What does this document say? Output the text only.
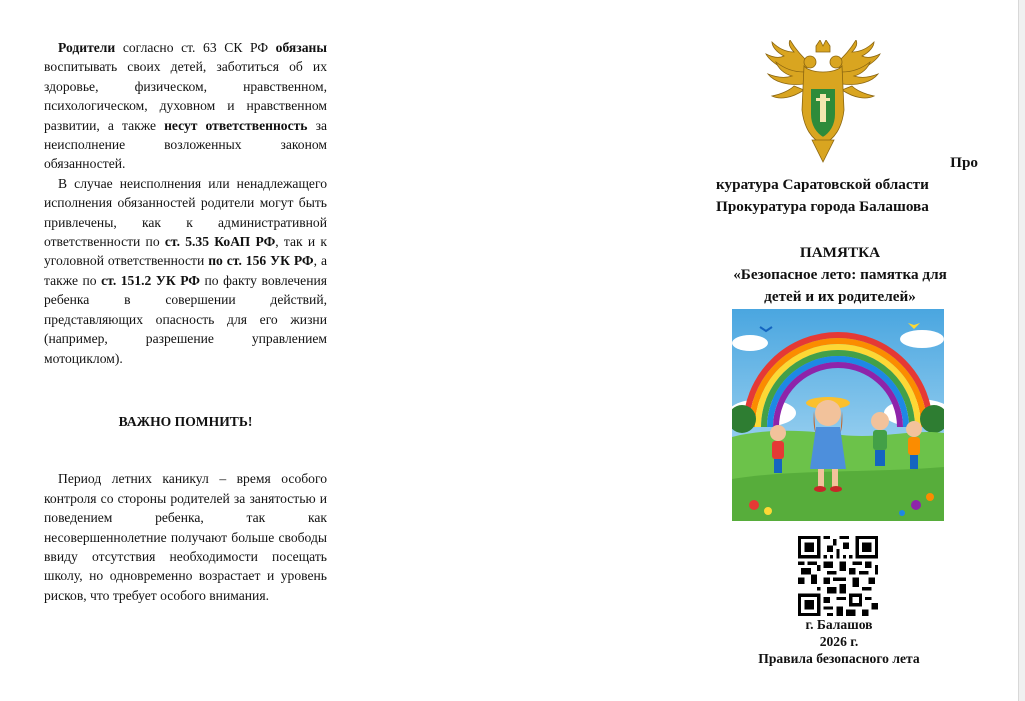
Родители согласно ст. 63 СК РФ обязаны воспитывать своих детей, заботиться об их здоровье, физическом, нравственном, психологическом, духовном и нравственном развитии, а также несут ответственность за неисполнение возложенных законом обязанностей.

В случае неисполнения или ненадлежащего исполнения обязанностей родители могут быть привлечены, как к административной ответственности по ст. 5.35 КоАП РФ, так и к уголовной ответственности по ст. 156 УК РФ, а также по ст. 151.2 УК РФ по факту вовлечения ребенка в совершении действий, представляющих опасность для его жизни (например, разрешение управлением мотоциклом).

ВАЖНО ПОМНИТЬ!

Период летних каникул – время особого контроля со стороны родителей за занятостью и поведением ребенка, так как несовершеннолетние получают больше свободы ввиду отсутствия необходимости посещать школу, но одновременно возрастает и уровень рисков, что требует особого внимания.

Про
куратура Саратовской области
Прокуратура города Балашова
ПАМЯТКА
«Безопасное лето: памятка для детей и их родителей»
г. Балашов
2026 г.
Правила безопасного лета
